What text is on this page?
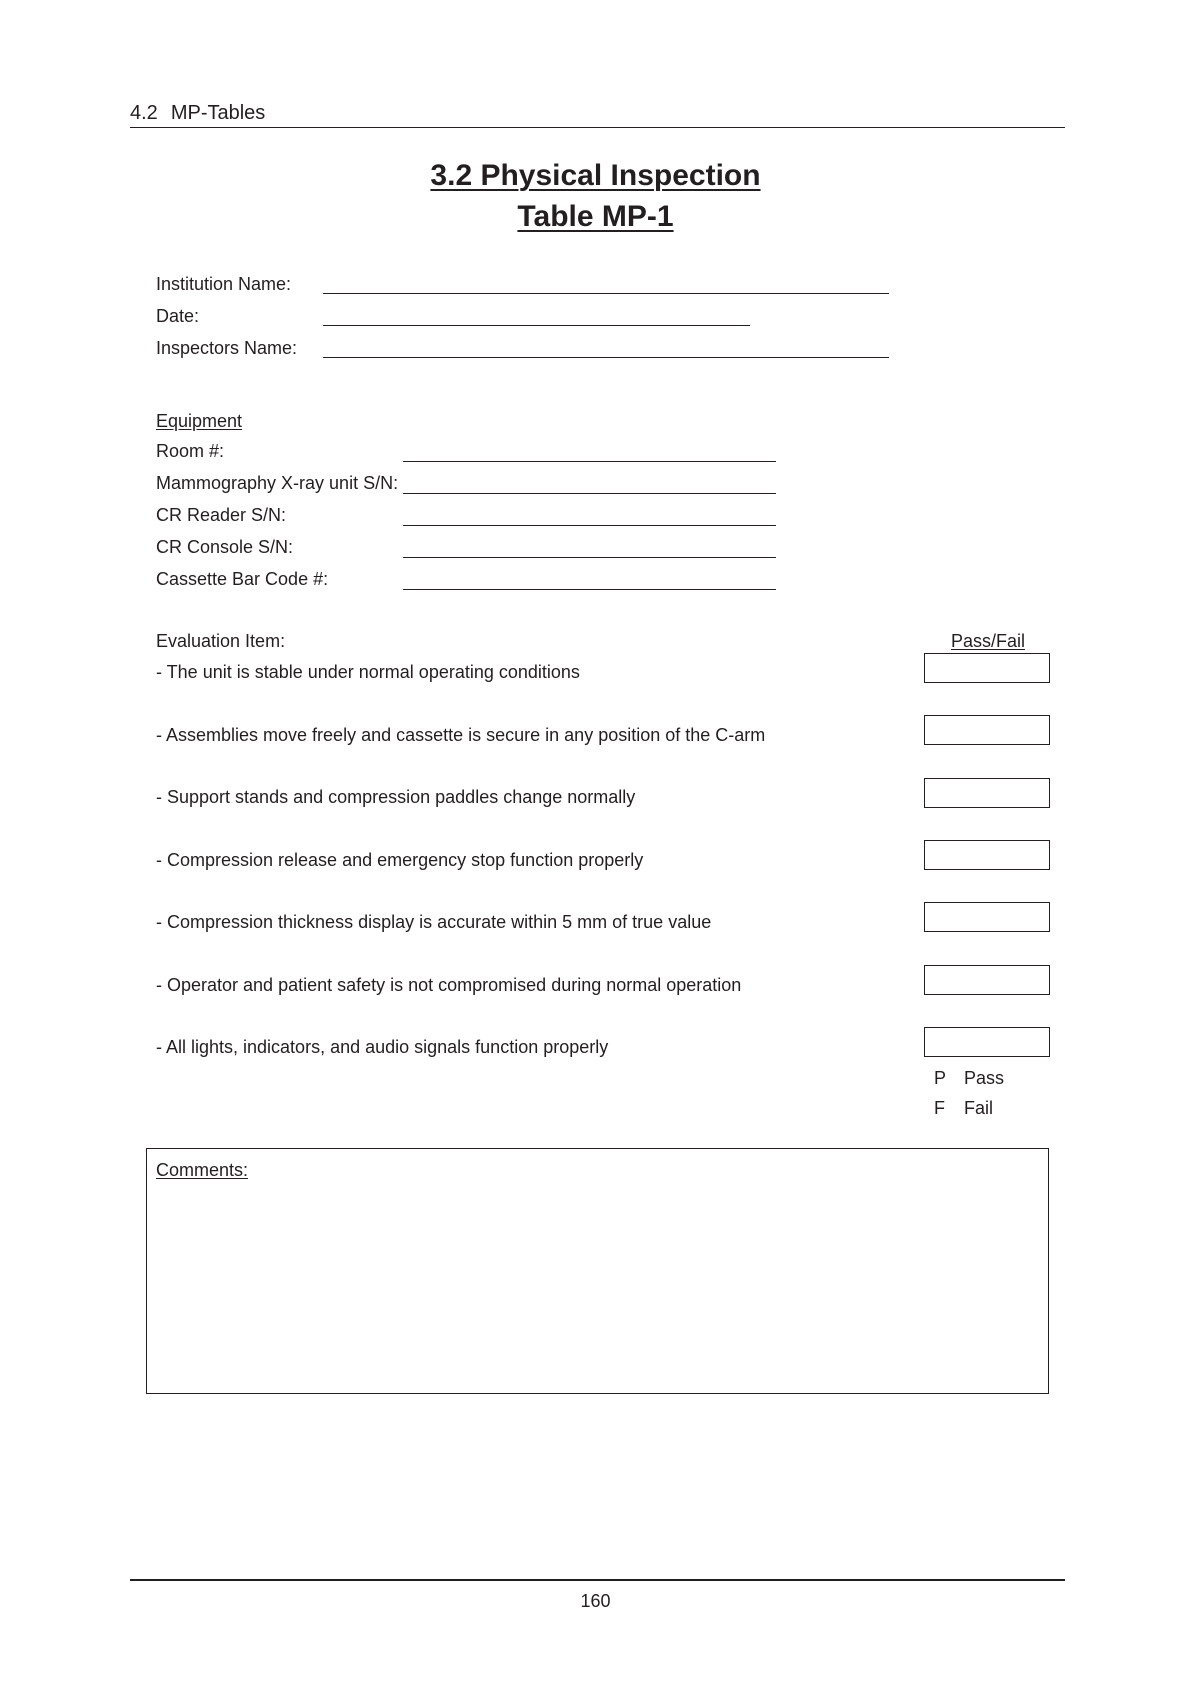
4.2 MP-Tables
3.2 Physical Inspection
Table MP-1
Institution Name:
Date:
Inspectors Name:
Equipment
Room #:
Mammography X-ray unit S/N:
CR Reader S/N:
CR Console S/N:
Cassette Bar Code #:
Evaluation Item:	Pass/Fail
- The unit is stable under normal operating conditions
- Assemblies move freely and cassette is secure in any position of the C-arm
- Support stands and compression paddles change normally
- Compression release and emergency stop function properly
- Compression thickness display is accurate within 5 mm of true value
- Operator and patient safety is not compromised during normal operation
- All lights, indicators, and audio signals function properly
P Pass
F Fail
Comments:
160
